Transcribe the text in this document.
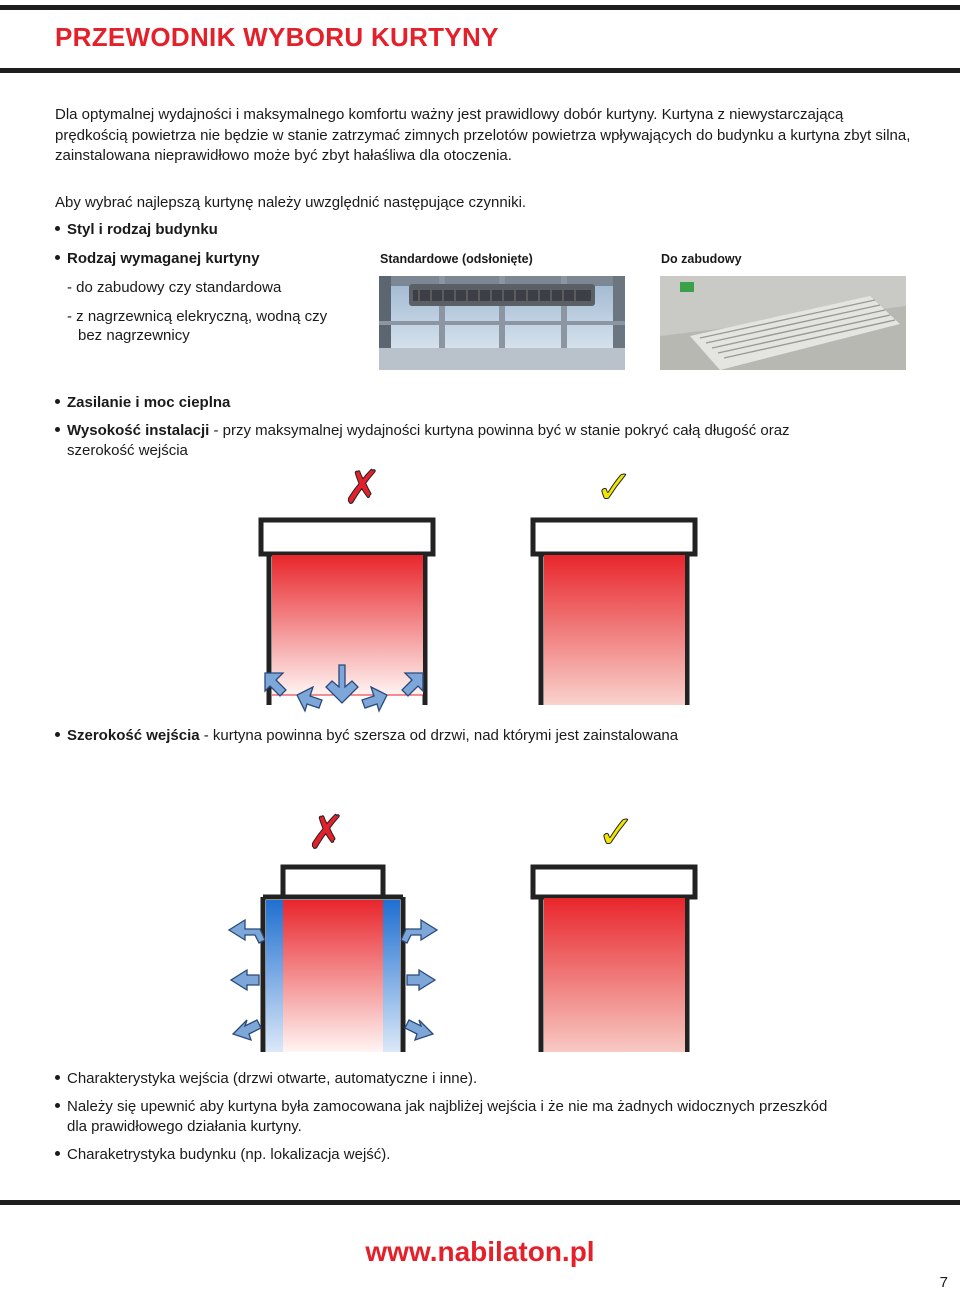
PRZEWODNIK WYBORU KURTYNY

Dla optymalnej wydajności i maksymalnego komfortu ważny jest prawidlowy dobór kurtyny. Kurtyna z niewystarczającą prędkością powietrza nie będzie w stanie zatrzymać zimnych przelotów powietrza wpływających do budynku a kurtyna zbyt silna, zainstalowana nieprawidłowo może być zbyt hałaśliwa dla otoczenia.

Aby wybrać najlepszą kurtynę należy uwzględnić następujące czynniki.

Styl i rodzaj budynku
Rodzaj wymaganej kurtyny
- do zabudowy czy standardowa
- z nagrzewnicą elekryczną, wodną czy
bez nagrzewnicy
Standardowe (odsłonięte)	Do zabudowy
Zasilanie i moc cieplna
Wysokość instalacji - przy maksymalnej wydajności kurtyna powinna być w stanie pokryć całą długość oraz
szerokość wejścia
✗	✓
Szerokość wejścia - kurtyna powinna być szersza od drzwi, nad którymi jest zainstalowana
✗	✓
Charakterystyka wejścia (drzwi otwarte, automatyczne i inne).
Należy się upewnić aby kurtyna była zamocowana jak najbliżej wejścia i że nie ma żadnych widocznych przeszkód
dla prawidłowego działania kurtyny.
Charaketrystyka budynku (np. lokalizacja wejść).
www.nabilaton.pl
7
